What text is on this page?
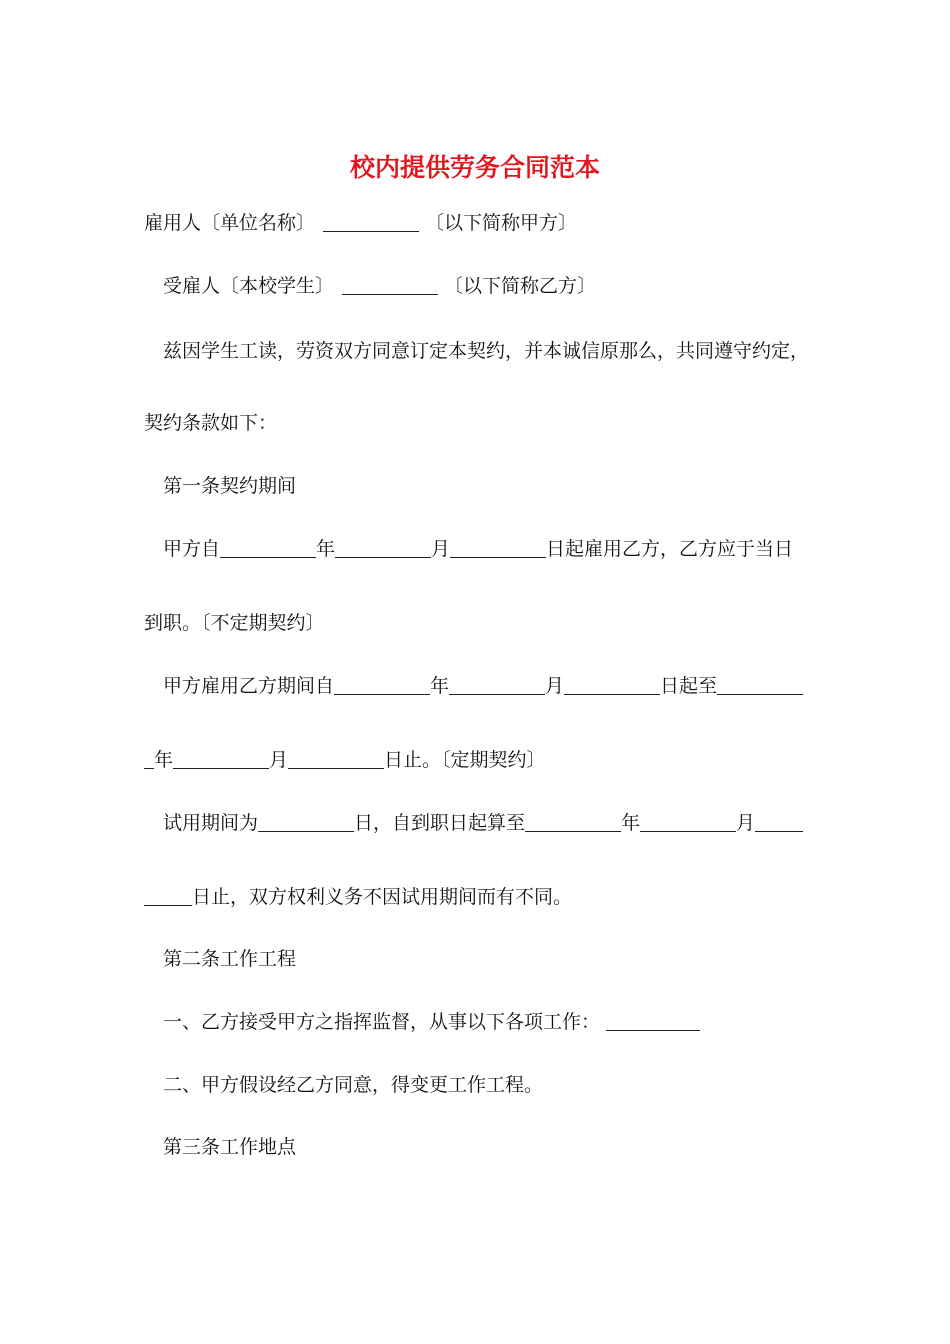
校内提供劳务合同范本
雇用人〔单位名称〕	〔以下简称甲方〕
受雇人〔本校学生〕	〔以下简称乙方〕
兹因学生工读，劳资双方同意订定本契约，并本诚信原那么，共同遵守约定，
契约条款如下：
第一条契约期间
甲方自	年	月	日起雇用乙方，乙方应于当日
到职。〔不定期契约〕
甲方雇用乙方期间自	年	月	日起至
年	月	日止。〔定期契约〕
试用期间为	日，自到职日起算至	年	月
日止，双方权利义务不因试用期间而有不同。
第二条工作工程
一、乙方接受甲方之指挥监督，从事以下各项工作：
二、甲方假设经乙方同意，得变更工作工程。
第三条工作地点
